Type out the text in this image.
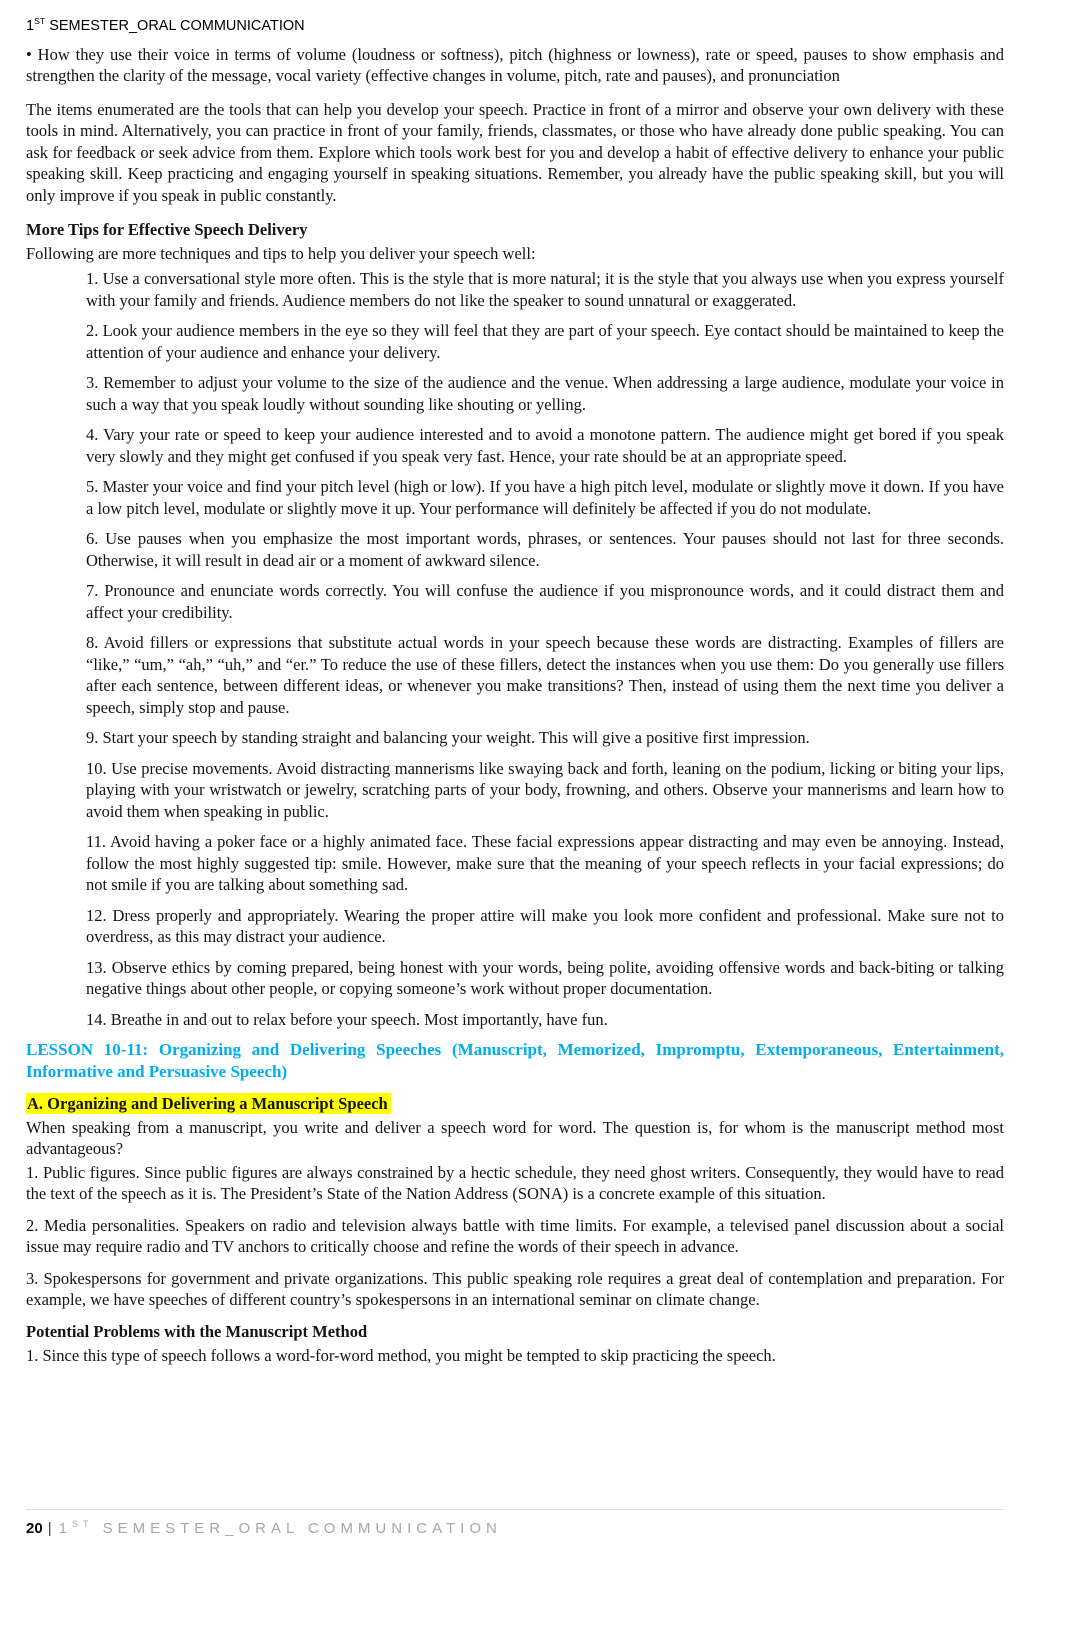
1ST SEMESTER_ORAL COMMUNICATION

• How they use their voice in terms of volume (loudness or softness), pitch (highness or lowness), rate or speed, pauses to show emphasis and strengthen the clarity of the message, vocal variety (effective changes in volume, pitch, rate and pauses), and pronunciation

The items enumerated are the tools that can help you develop your speech. Practice in front of a mirror and observe your own delivery with these tools in mind. Alternatively, you can practice in front of your family, friends, classmates, or those who have already done public speaking. You can ask for feedback or seek advice from them. Explore which tools work best for you and develop a habit of effective delivery to enhance your public speaking skill. Keep practicing and engaging yourself in speaking situations. Remember, you already have the public speaking skill, but you will only improve if you speak in public constantly.

More Tips for Effective Speech Delivery

Following are more techniques and tips to help you deliver your speech well:

1. Use a conversational style more often. This is the style that is more natural; it is the style that you always use when you express yourself with your family and friends. Audience members do not like the speaker to sound unnatural or exaggerated.

2. Look your audience members in the eye so they will feel that they are part of your speech. Eye contact should be maintained to keep the attention of your audience and enhance your delivery.

3. Remember to adjust your volume to the size of the audience and the venue. When addressing a large audience, modulate your voice in such a way that you speak loudly without sounding like shouting or yelling.

4. Vary your rate or speed to keep your audience interested and to avoid a monotone pattern. The audience might get bored if you speak very slowly and they might get confused if you speak very fast. Hence, your rate should be at an appropriate speed.

5. Master your voice and find your pitch level (high or low). If you have a high pitch level, modulate or slightly move it down. If you have a low pitch level, modulate or slightly move it up. Your performance will definitely be affected if you do not modulate.

6. Use pauses when you emphasize the most important words, phrases, or sentences. Your pauses should not last for three seconds. Otherwise, it will result in dead air or a moment of awkward silence.

7. Pronounce and enunciate words correctly. You will confuse the audience if you mispronounce words, and it could distract them and affect your credibility.

8. Avoid fillers or expressions that substitute actual words in your speech because these words are distracting. Examples of fillers are “like,” “um,” “ah,” “uh,” and “er.” To reduce the use of these fillers, detect the instances when you use them: Do you generally use fillers after each sentence, between different ideas, or whenever you make transitions? Then, instead of using them the next time you deliver a speech, simply stop and pause.

9. Start your speech by standing straight and balancing your weight. This will give a positive first impression.

10. Use precise movements. Avoid distracting mannerisms like swaying back and forth, leaning on the podium, licking or biting your lips, playing with your wristwatch or jewelry, scratching parts of your body, frowning, and others. Observe your mannerisms and learn how to avoid them when speaking in public.

11. Avoid having a poker face or a highly animated face. These facial expressions appear distracting and may even be annoying. Instead, follow the most highly suggested tip: smile. However, make sure that the meaning of your speech reflects in your facial expressions; do not smile if you are talking about something sad.

12. Dress properly and appropriately. Wearing the proper attire will make you look more confident and professional. Make sure not to overdress, as this may distract your audience.

13. Observe ethics by coming prepared, being honest with your words, being polite, avoiding offensive words and back-biting or talking negative things about other people, or copying someone’s work without proper documentation.

14. Breathe in and out to relax before your speech. Most importantly, have fun.

LESSON 10-11: Organizing and Delivering Speeches (Manuscript, Memorized, Impromptu, Extemporaneous, Entertainment, Informative and Persuasive Speech)

A. Organizing and Delivering a Manuscript Speech

When speaking from a manuscript, you write and deliver a speech word for word. The question is, for whom is the manuscript method most advantageous?

1. Public figures. Since public figures are always constrained by a hectic schedule, they need ghost writers. Consequently, they would have to read the text of the speech as it is. The President’s State of the Nation Address (SONA) is a concrete example of this situation.

2. Media personalities. Speakers on radio and television always battle with time limits. For example, a televised panel discussion about a social issue may require radio and TV anchors to critically choose and refine the words of their speech in advance.

3. Spokespersons for government and private organizations. This public speaking role requires a great deal of contemplation and preparation. For example, we have speeches of different country’s spokespersons in an international seminar on climate change.

Potential Problems with the Manuscript Method

1. Since this type of speech follows a word-for-word method, you might be tempted to skip practicing the speech.

20 | 1ST SEMESTER_ORAL COMMUNICATION
